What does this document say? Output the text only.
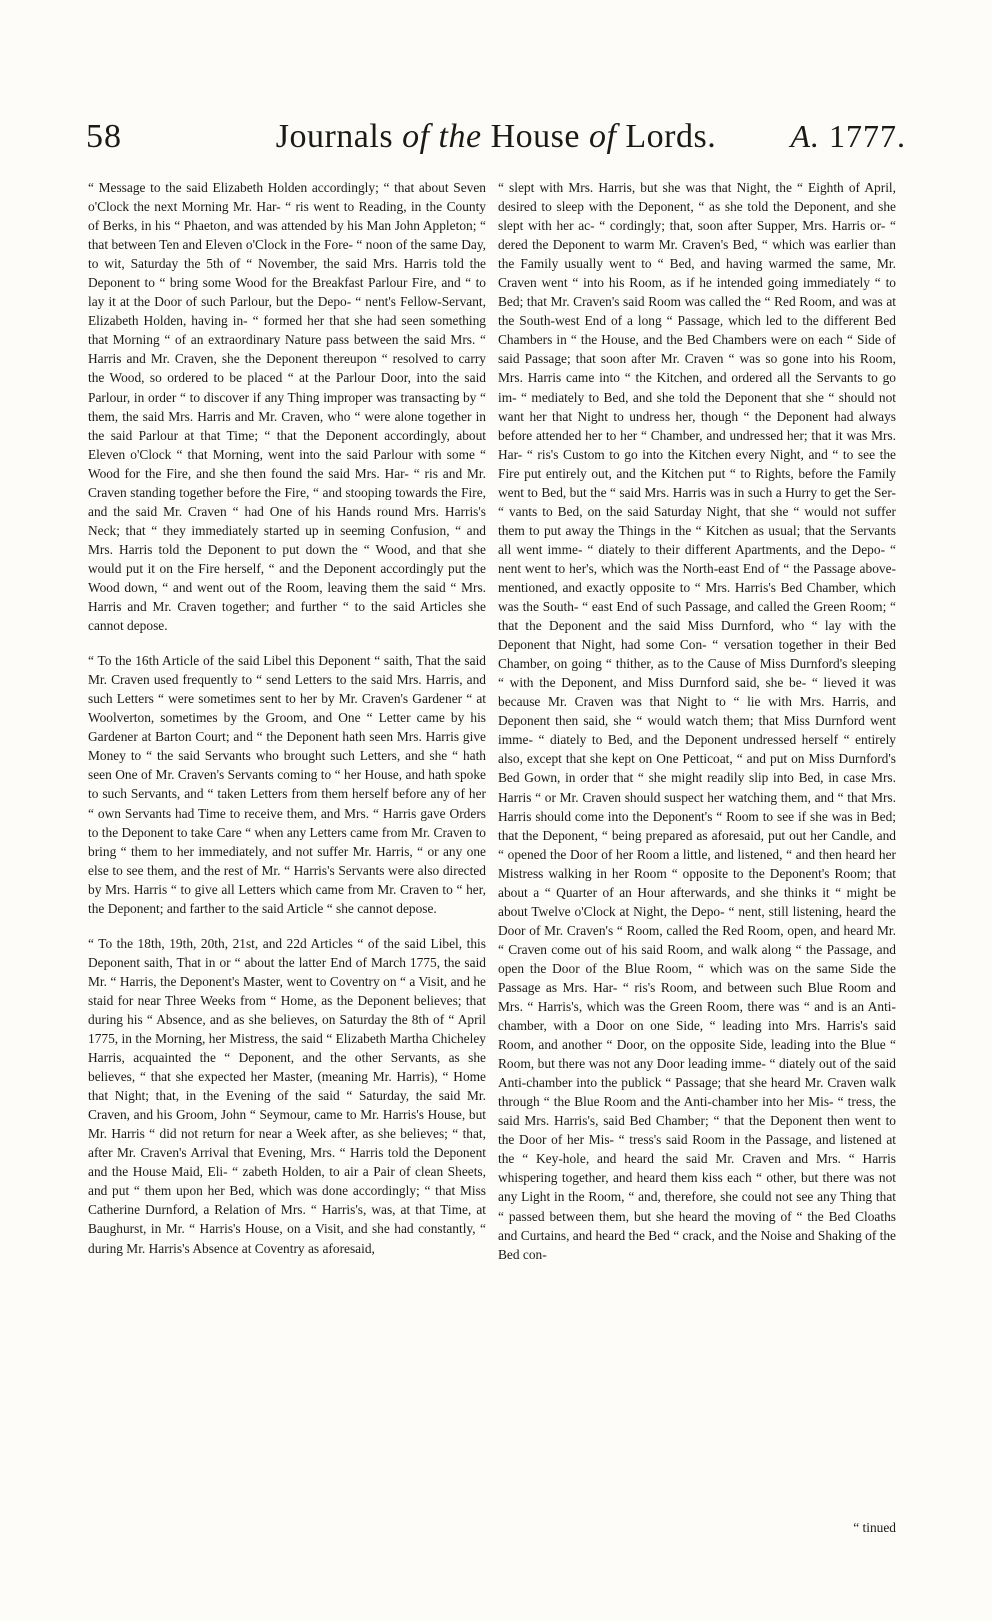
58	Journals of the House of Lords.	A. 1777.

“ Message to the said Elizabeth Holden accordingly; “ that about Seven o'Clock the next Morning Mr. Har- “ ris went to Reading, in the County of Berks, in his “ Phaeton, and was attended by his Man John Appleton; “ that between Ten and Eleven o'Clock in the Fore- “ noon of the same Day, to wit, Saturday the 5th of “ November, the said Mrs. Harris told the Deponent to “ bring some Wood for the Breakfast Parlour Fire, and “ to lay it at the Door of such Parlour, but the Depo- “ nent's Fellow-Servant, Elizabeth Holden, having in- “ formed her that she had seen something that Morning “ of an extraordinary Nature pass between the said Mrs. “ Harris and Mr. Craven, she the Deponent thereupon “ resolved to carry the Wood, so ordered to be placed “ at the Parlour Door, into the said Parlour, in order “ to discover if any Thing improper was transacting by “ them, the said Mrs. Harris and Mr. Craven, who “ were alone together in the said Parlour at that Time; “ that the Deponent accordingly, about Eleven o'Clock “ that Morning, went into the said Parlour with some “ Wood for the Fire, and she then found the said Mrs. Har- “ ris and Mr. Craven standing together before the Fire, “ and stooping towards the Fire, and the said Mr. Craven “ had One of his Hands round Mrs. Harris's Neck; that “ they immediately started up in seeming Confusion, “ and Mrs. Harris told the Deponent to put down the “ Wood, and that she would put it on the Fire herself, “ and the Deponent accordingly put the Wood down, “ and went out of the Room, leaving them the said “ Mrs. Harris and Mr. Craven together; and further “ to the said Articles she cannot depose.

“ To the 16th Article of the said Libel this Deponent “ saith, That the said Mr. Craven used frequently to “ send Letters to the said Mrs. Harris, and such Letters “ were sometimes sent to her by Mr. Craven's Gardener “ at Woolverton, sometimes by the Groom, and One “ Letter came by his Gardener at Barton Court; and “ the Deponent hath seen Mrs. Harris give Money to “ the said Servants who brought such Letters, and she “ hath seen One of Mr. Craven's Servants coming to “ her House, and hath spoke to such Servants, and “ taken Letters from them herself before any of her “ own Servants had Time to receive them, and Mrs. “ Harris gave Orders to the Deponent to take Care “ when any Letters came from Mr. Craven to bring “ them to her immediately, and not suffer Mr. Harris, “ or any one else to see them, and the rest of Mr. “ Harris's Servants were also directed by Mrs. Harris “ to give all Letters which came from Mr. Craven to “ her, the Deponent; and farther to the said Article “ she cannot depose.

“ To the 18th, 19th, 20th, 21st, and 22d Articles “ of the said Libel, this Deponent saith, That in or “ about the latter End of March 1775, the said Mr. “ Harris, the Deponent's Master, went to Coventry on “ a Visit, and he staid for near Three Weeks from “ Home, as the Deponent believes; that during his “ Absence, and as she believes, on Saturday the 8th of “ April 1775, in the Morning, her Mistress, the said “ Elizabeth Martha Chicheley Harris, acquainted the “ Deponent, and the other Servants, as she believes, “ that she expected her Master, (meaning Mr. Harris), “ Home that Night; that, in the Evening of the said “ Saturday, the said Mr. Craven, and his Groom, John “ Seymour, came to Mr. Harris's House, but Mr. Harris “ did not return for near a Week after, as she believes; “ that, after Mr. Craven's Arrival that Evening, Mrs. “ Harris told the Deponent and the House Maid, Eli- “ zabeth Holden, to air a Pair of clean Sheets, and put “ them upon her Bed, which was done accordingly; “ that Miss Catherine Durnford, a Relation of Mrs. “ Harris's, was, at that Time, at Baughurst, in Mr. “ Harris's House, on a Visit, and she had constantly, “ during Mr. Harris's Absence at Coventry as aforesaid,

“ slept with Mrs. Harris, but she was that Night, the “ Eighth of April, desired to sleep with the Deponent, “ as she told the Deponent, and she slept with her ac- “ cordingly; that, soon after Supper, Mrs. Harris or- “ dered the Deponent to warm Mr. Craven's Bed, “ which was earlier than the Family usually went to “ Bed, and having warmed the same, Mr. Craven went “ into his Room, as if he intended going immediately “ to Bed; that Mr. Craven's said Room was called the “ Red Room, and was at the South-west End of a long “ Passage, which led to the different Bed Chambers in “ the House, and the Bed Chambers were on each “ Side of said Passage; that soon after Mr. Craven “ was so gone into his Room, Mrs. Harris came into “ the Kitchen, and ordered all the Servants to go im- “ mediately to Bed, and she told the Deponent that she “ should not want her that Night to undress her, though “ the Deponent had always before attended her to her “ Chamber, and undressed her; that it was Mrs. Har- “ ris's Custom to go into the Kitchen every Night, and “ to see the Fire put entirely out, and the Kitchen put “ to Rights, before the Family went to Bed, but the “ said Mrs. Harris was in such a Hurry to get the Ser- “ vants to Bed, on the said Saturday Night, that she “ would not suffer them to put away the Things in the “ Kitchen as usual; that the Servants all went imme- “ diately to their different Apartments, and the Depo- “ nent went to her's, which was the North-east End of “ the Passage above-mentioned, and exactly opposite to “ Mrs. Harris's Bed Chamber, which was the South- “ east End of such Passage, and called the Green Room; “ that the Deponent and the said Miss Durnford, who “ lay with the Deponent that Night, had some Con- “ versation together in their Bed Chamber, on going “ thither, as to the Cause of Miss Durnford's sleeping “ with the Deponent, and Miss Durnford said, she be- “ lieved it was because Mr. Craven was that Night to “ lie with Mrs. Harris, and Deponent then said, she “ would watch them; that Miss Durnford went imme- “ diately to Bed, and the Deponent undressed herself “ entirely also, except that she kept on One Petticoat, “ and put on Miss Durnford's Bed Gown, in order that “ she might readily slip into Bed, in case Mrs. Harris “ or Mr. Craven should suspect her watching them, and “ that Mrs. Harris should come into the Deponent's “ Room to see if she was in Bed; that the Deponent, “ being prepared as aforesaid, put out her Candle, and “ opened the Door of her Room a little, and listened, “ and then heard her Mistress walking in her Room “ opposite to the Deponent's Room; that about a “ Quarter of an Hour afterwards, and she thinks it “ might be about Twelve o'Clock at Night, the Depo- “ nent, still listening, heard the Door of Mr. Craven's “ Room, called the Red Room, open, and heard Mr. “ Craven come out of his said Room, and walk along “ the Passage, and open the Door of the Blue Room, “ which was on the same Side the Passage as Mrs. Har- “ ris's Room, and between such Blue Room and Mrs. “ Harris's, which was the Green Room, there was “ and is an Anti-chamber, with a Door on one Side, “ leading into Mrs. Harris's said Room, and another “ Door, on the opposite Side, leading into the Blue “ Room, but there was not any Door leading imme- “ diately out of the said Anti-chamber into the publick “ Passage; that she heard Mr. Craven walk through “ the Blue Room and the Anti-chamber into her Mis- “ tress, the said Mrs. Harris's, said Bed Chamber; “ that the Deponent then went to the Door of her Mis- “ tress's said Room in the Passage, and listened at the “ Key-hole, and heard the said Mr. Craven and Mrs. “ Harris whispering together, and heard them kiss each “ other, but there was not any Light in the Room, “ and, therefore, she could not see any Thing that “ passed between them, but she heard the moving of “ the Bed Cloaths and Curtains, and heard the Bed “ crack, and the Noise and Shaking of the Bed con-

“ tinued
